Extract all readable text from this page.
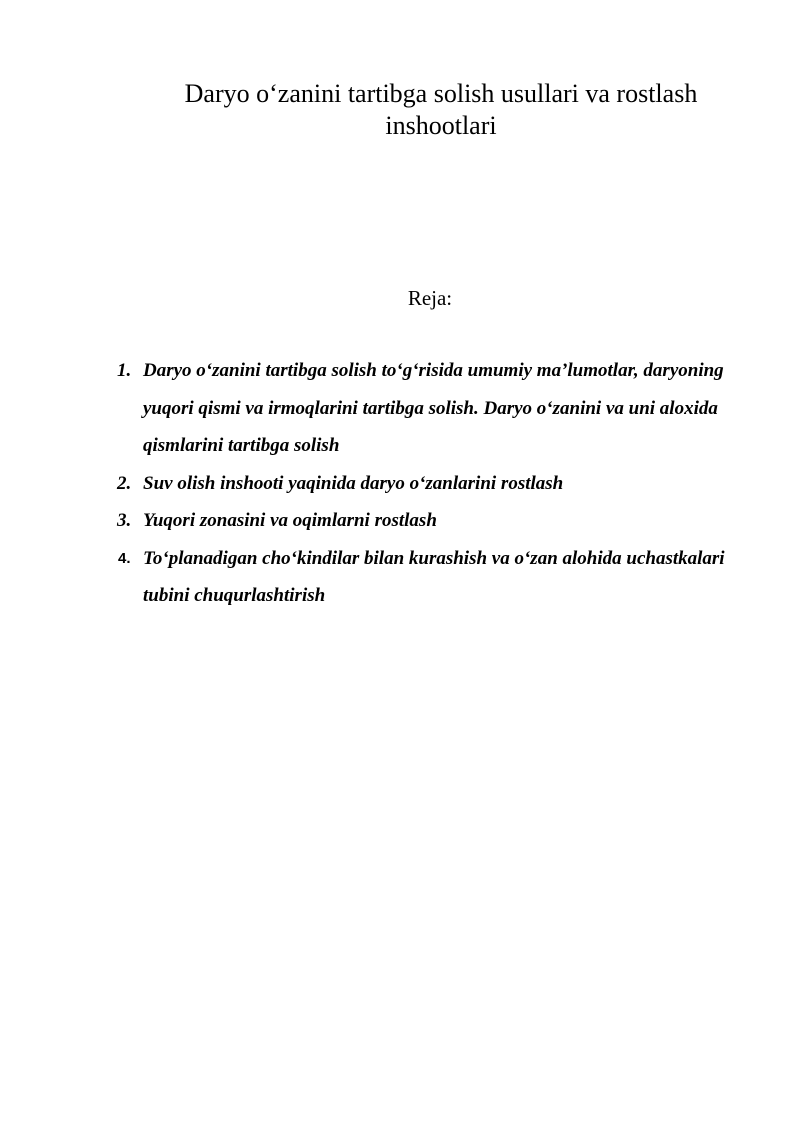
Daryo o‘zanini tartibga solish usullari va rostlash inshootlari
Reja:
1. Daryo o‘zanini tartibga solish to‘g‘risida umumiy ma’lumotlar, daryoning yuqori qismi va irmoqlarini tartibga solish. Daryo o‘zanini va uni aloxida qismlarini tartibga solish
2. Suv olish inshooti yaqinida daryo o‘zanlarini rostlash
3. Yuqori zonasini va oqimlarni rostlash
4. To‘planadigan cho‘kindilar bilan kurashish va o‘zan alohida uchastkalari tubini chuqurlashtirish
